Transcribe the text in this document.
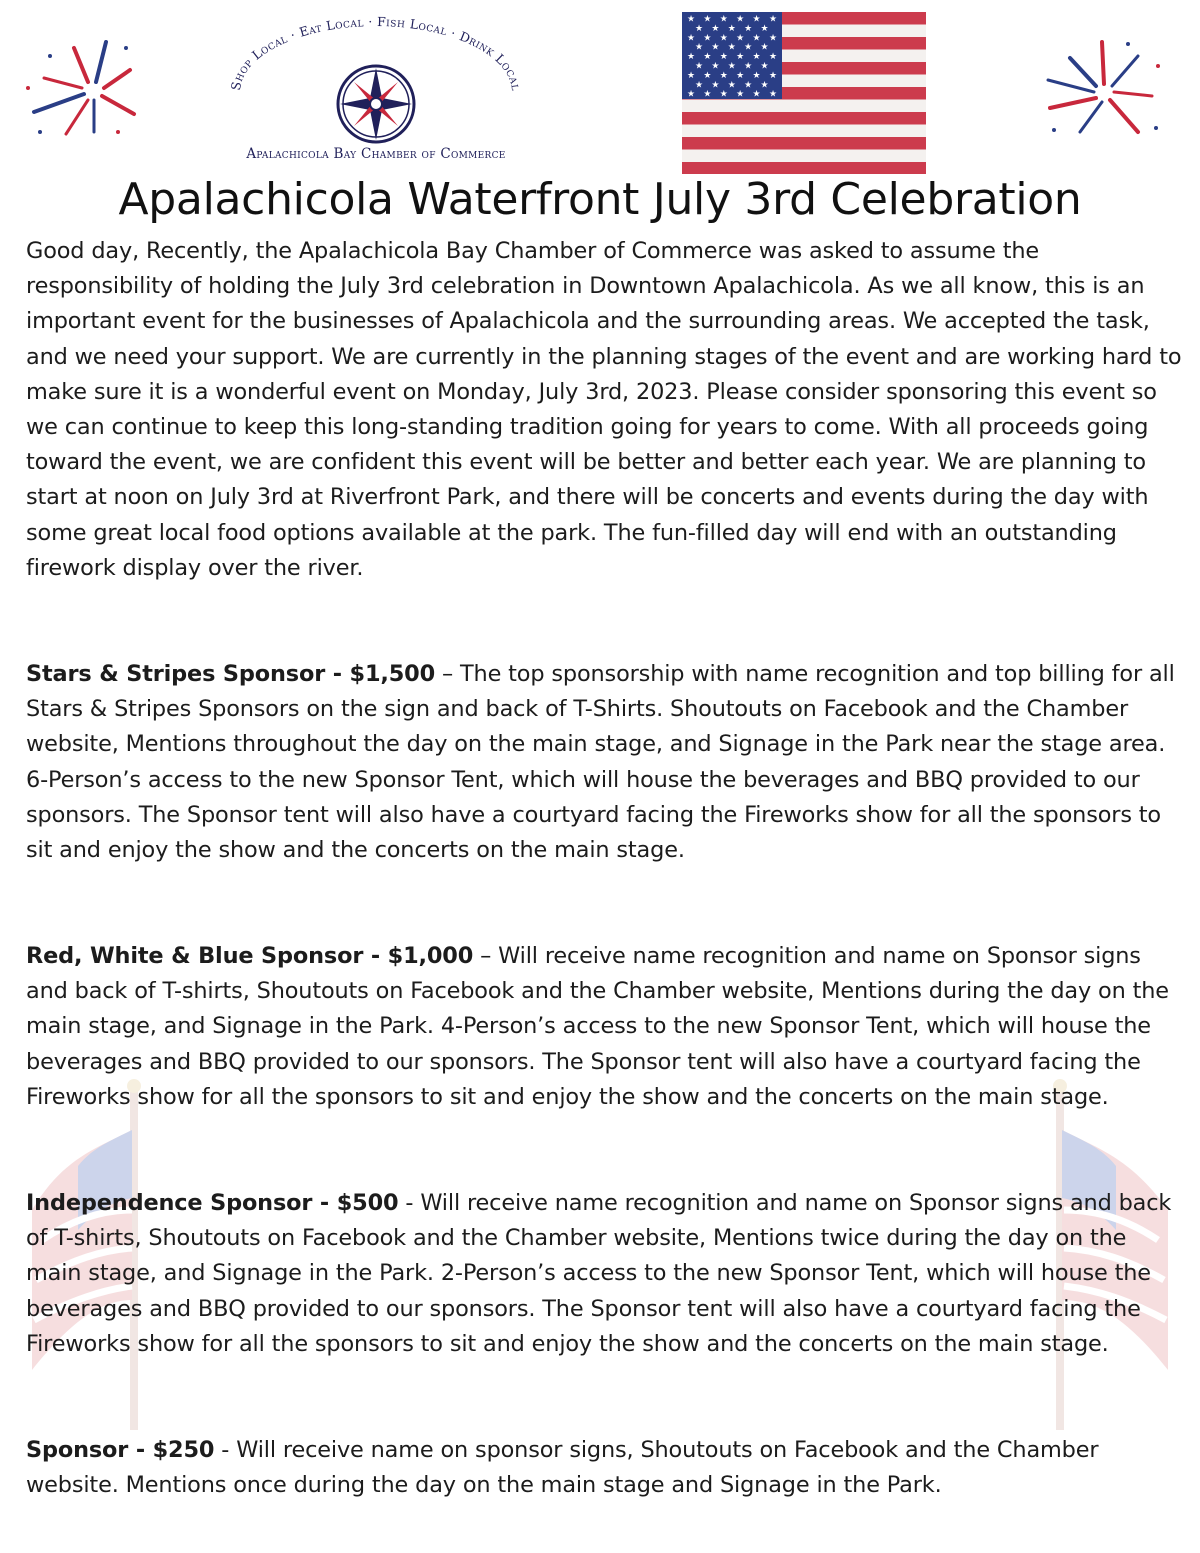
Shop Local · Eat Local · Fish Local · Drink Local
Apalachicola Bay Chamber of Commerce
★ ★ ★ ★ ★ ★
★ ★ ★ ★ ★
★ ★ ★ ★ ★ ★
★ ★ ★ ★ ★
★ ★ ★ ★ ★ ★
★ ★ ★ ★ ★
★ ★ ★ ★ ★ ★
★ ★ ★ ★ ★
★ ★ ★ ★ ★ ★
Apalachicola Waterfront July 3rd Celebration
Good day, Recently, the Apalachicola Bay Chamber of Commerce was asked to assume the responsibility of holding the July 3rd celebration in Downtown Apalachicola. As we all know, this is an important event for the businesses of Apalachicola and the surrounding areas. We accepted the task, and we need your support. We are currently in the planning stages of the event and are working hard to make sure it is a wonderful event on Monday, July 3rd, 2023. Please consider sponsoring this event so we can continue to keep this long-standing tradition going for years to come. With all proceeds going toward the event, we are confident this event will be better and better each year. We are planning to start at noon on July 3rd at Riverfront Park, and there will be concerts and events during the day with some great local food options available at the park. The fun-filled day will end with an outstanding firework display over the river.
Stars & Stripes Sponsor - $1,500 – The top sponsorship with name recognition and top billing for all Stars & Stripes Sponsors on the sign and back of T-Shirts. Shoutouts on Facebook and the Chamber website, Mentions throughout the day on the main stage, and Signage in the Park near the stage area. 6-Person’s access to the new Sponsor Tent, which will house the beverages and BBQ provided to our sponsors. The Sponsor tent will also have a courtyard facing the Fireworks show for all the sponsors to sit and enjoy the show and the concerts on the main stage.
Red, White & Blue Sponsor - $1,000 – Will receive name recognition and name on Sponsor signs and back of T-shirts, Shoutouts on Facebook and the Chamber website, Mentions during the day on the main stage, and Signage in the Park. 4-Person’s access to the new Sponsor Tent, which will house the beverages and BBQ provided to our sponsors. The Sponsor tent will also have a courtyard facing the Fireworks show for all the sponsors to sit and enjoy the show and the concerts on the main stage.
Independence Sponsor - $500 - Will receive name recognition and name on Sponsor signs and back of T-shirts, Shoutouts on Facebook and the Chamber website, Mentions twice during the day on the main stage, and Signage in the Park. 2-Person’s access to the new Sponsor Tent, which will house the beverages and BBQ provided to our sponsors. The Sponsor tent will also have a courtyard facing the Fireworks show for all the sponsors to sit and enjoy the show and the concerts on the main stage.
Sponsor - $250 - Will receive name on sponsor signs, Shoutouts on Facebook and the Chamber website. Mentions once during the day on the main stage and Signage in the Park.
